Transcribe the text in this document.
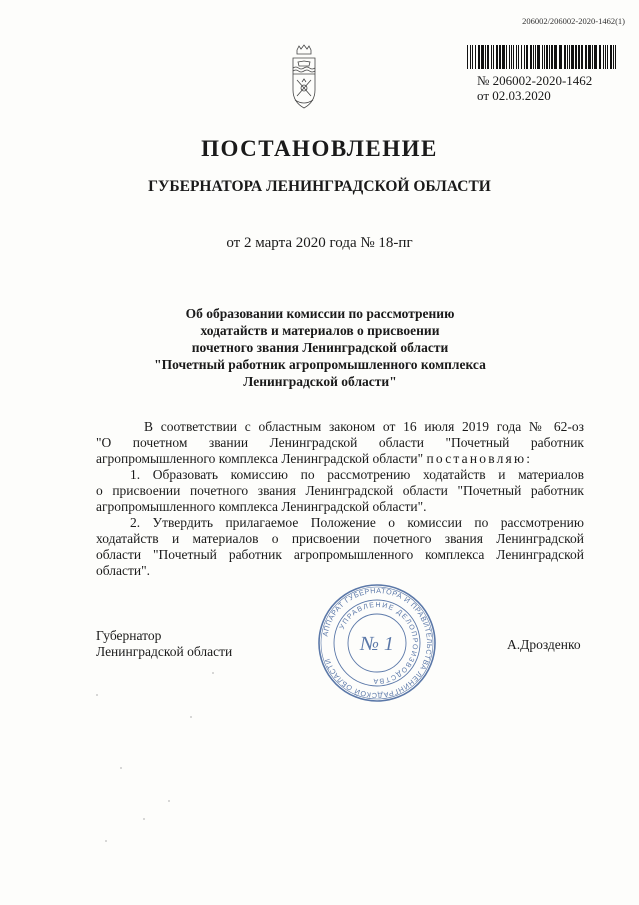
206002/206002-2020-1462(1)
№ 206002-2020-1462
от 02.03.2020
ПОСТАНОВЛЕНИЕ
ГУБЕРНАТОРА ЛЕНИНГРАДСКОЙ ОБЛАСТИ
от 2 марта 2020 года № 18-пг
Об образовании комиссии по рассмотрению
ходатайств и материалов о присвоении
почетного звания Ленинградской области
"Почетный работник агропромышленного комплекса
Ленинградской области"
В соответствии с областным законом от 16 июля 2019 года № 62-оз
"О почетном звании Ленинградской области "Почетный работник
агропромышленного комплекса Ленинградской области" постановляю:
1. Образовать комиссию по рассмотрению ходатайств и материалов
о присвоении почетного звания Ленинградской области "Почетный работник
агропромышленного комплекса Ленинградской области".
2. Утвердить прилагаемое Положение о комиссии по рассмотрению
ходатайств и материалов о присвоении почетного звания Ленинградской
области "Почетный работник агропромышленного комплекса Ленинградской
области".
Губернатор
Ленинградской области	А.Дрозденко
АППАРАТ ГУБЕРНАТОРА И ПРАВИТЕЛЬСТВА ЛЕНИНГРАДСКОЙ ОБЛАСТИ
УПРАВЛЕНИЕ ДЕЛОПРОИЗВОДСТВА
№ 1
